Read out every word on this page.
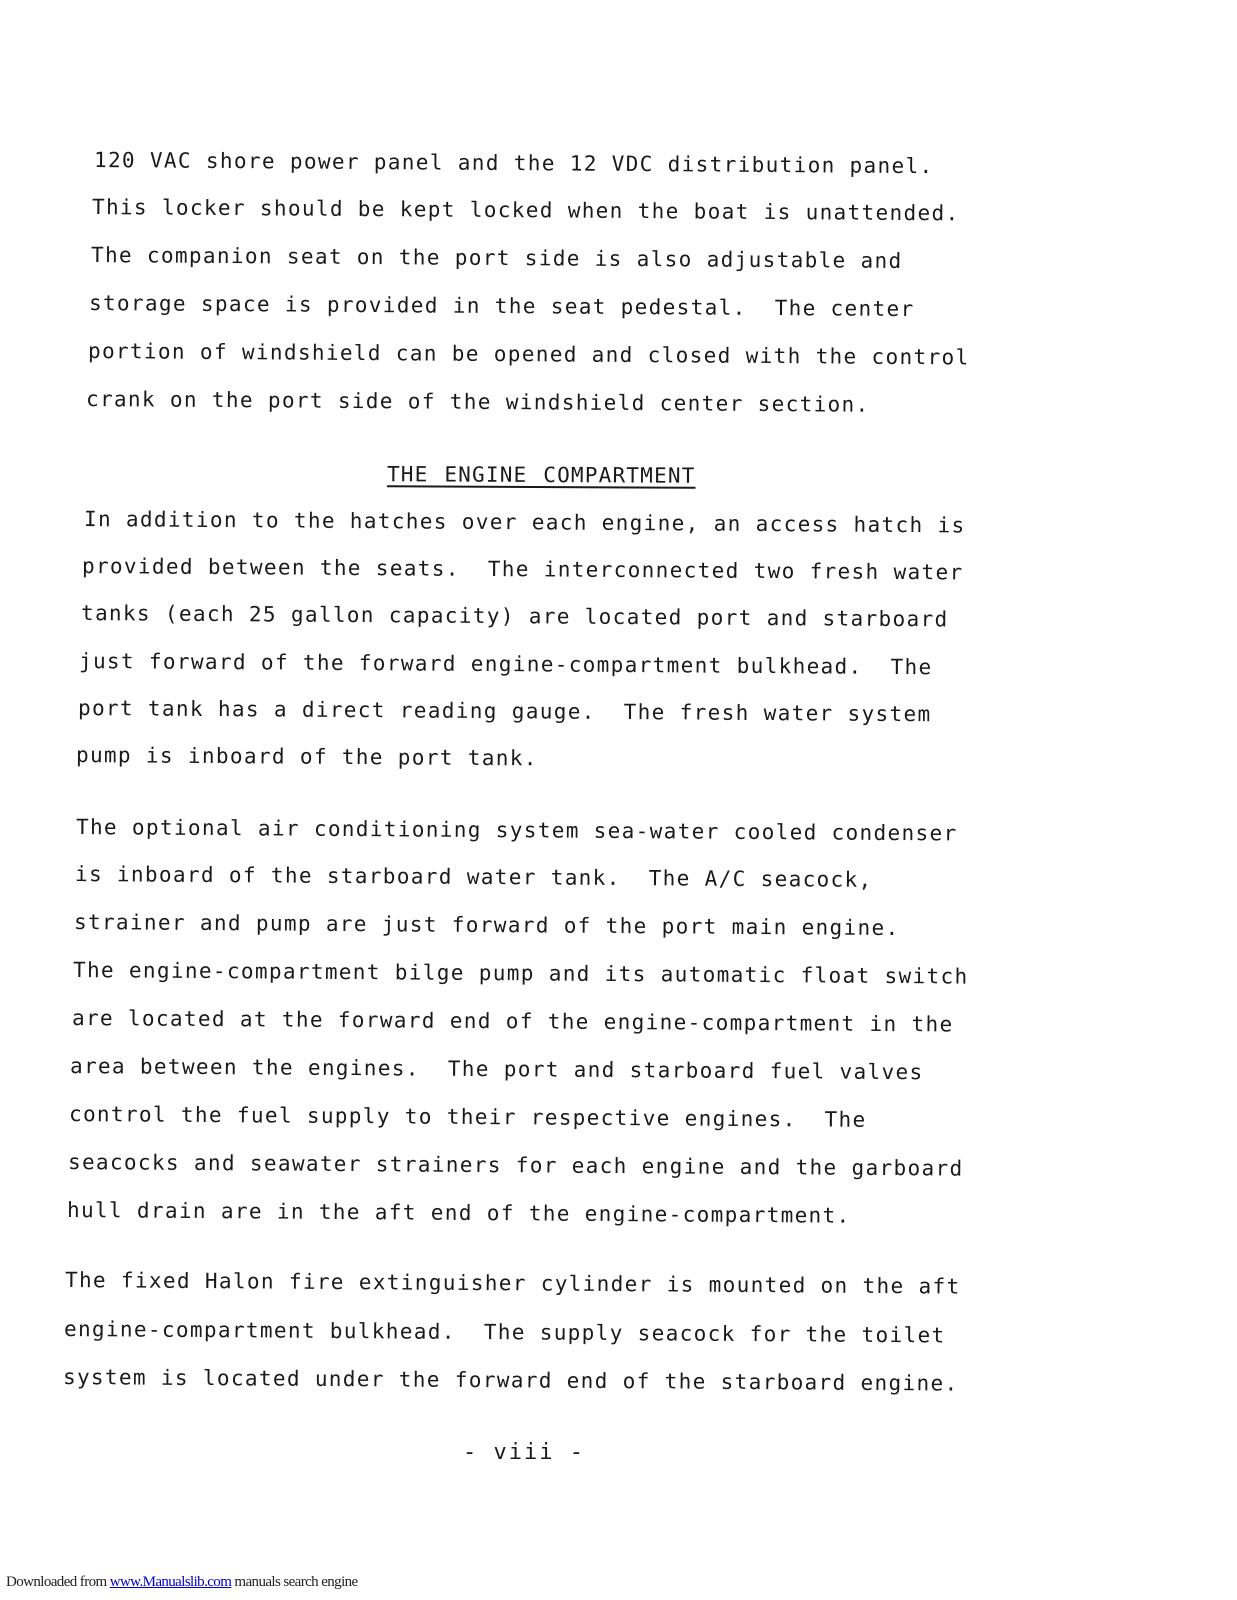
120 VAC shore power panel and the 12 VDC distribution panel.
This locker should be kept locked when the boat is unattended.
The companion seat on the port side is also adjustable and
storage space is provided in the seat pedestal.  The center
portion of windshield can be opened and closed with the control
crank on the port side of the windshield center section.
THE ENGINE COMPARTMENT
In addition to the hatches over each engine, an access hatch is
provided between the seats.  The interconnected two fresh water
tanks (each 25 gallon capacity) are located port and starboard
just forward of the forward engine-compartment bulkhead.  The
port tank has a direct reading gauge.  The fresh water system
pump is inboard of the port tank.
The optional air conditioning system sea-water cooled condenser
is inboard of the starboard water tank.  The A/C seacock,
strainer and pump are just forward of the port main engine.
The engine-compartment bilge pump and its automatic float switch
are located at the forward end of the engine-compartment in the
area between the engines.  The port and starboard fuel valves
control the fuel supply to their respective engines.  The
seacocks and seawater strainers for each engine and the garboard
hull drain are in the aft end of the engine-compartment.
The fixed Halon fire extinguisher cylinder is mounted on the aft
engine-compartment bulkhead.  The supply seacock for the toilet
system is located under the forward end of the starboard engine.
- viii -
Downloaded from www.Manualslib.com manuals search engine
